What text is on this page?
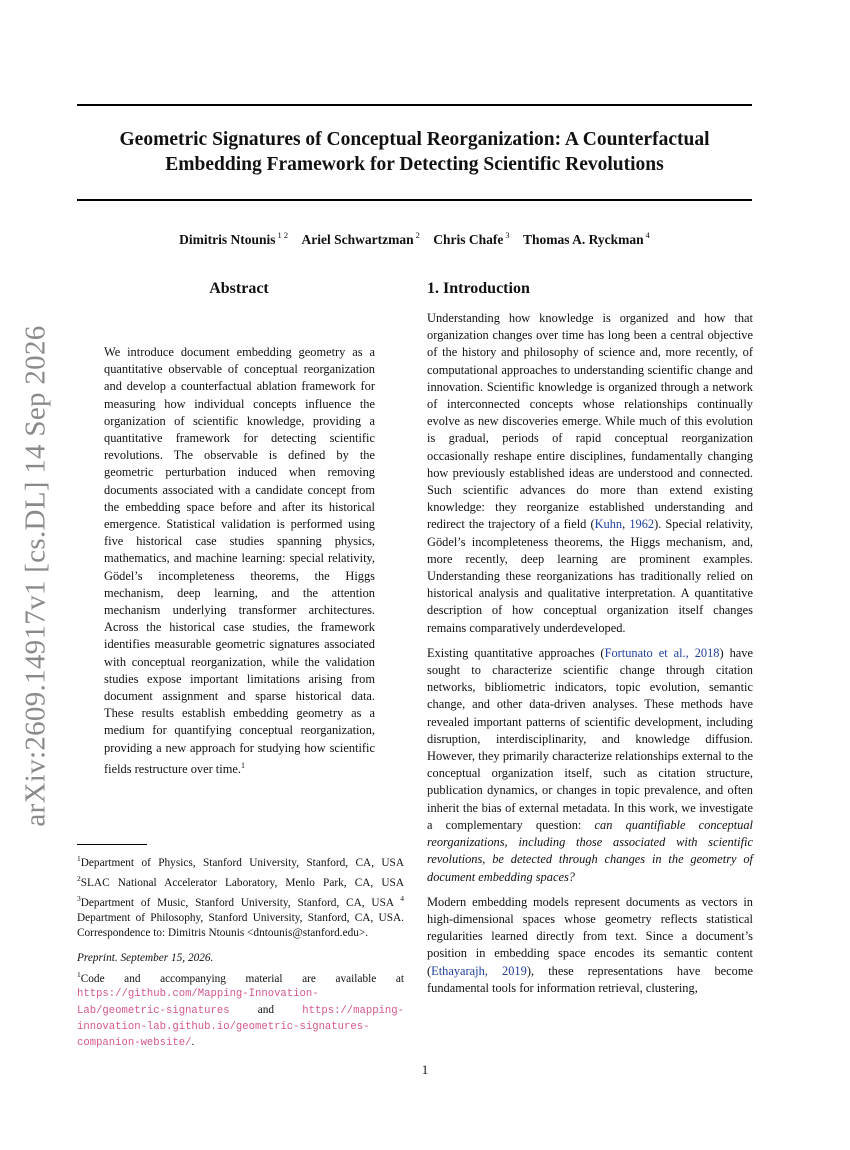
Geometric Signatures of Conceptual Reorganization: A Counterfactual
Embedding Framework for Detecting Scientific Revolutions
Dimitris Ntounis $^{1 2}$ Ariel Schwartzman $^2$ Chris Chafe $^3$ Thomas A. Ryckman $^4$
arXiv:2609.14917v1 [cs.DL] 14 Sep 2026
Abstract
We introduce document embedding geometry as a quantitative observable of conceptual reorganization and develop a counterfactual ablation framework for measuring how individual concepts influence the organization of scientific knowledge, providing a quantitative framework for detecting scientific revolutions. The observable is defined by the geometric perturbation induced when removing documents associated with a candidate concept from the embedding space before and after its historical emergence. Statistical validation is performed using five historical case studies spanning physics, mathematics, and machine learning: special relativity, Gödel’s incompleteness theorems, the Higgs mechanism, deep learning, and the attention mechanism underlying transformer architectures. Across the historical case studies, the framework identifies measurable geometric signatures associated with conceptual reorganization, while the validation studies expose important limitations arising from document assignment and sparse historical data. These results establish embedding geometry as a medium for quantifying conceptual reorganization, providing a new approach for studying how scientific fields restructure over time.$^1$
$^1$Department of Physics, Stanford University, Stanford, CA, USA $^2$SLAC National Accelerator Laboratory, Menlo Park, CA, USA $^3$Department of Music, Stanford University, Stanford, CA, USA $^4$ Department of Philosophy, Stanford University, Stanford, CA, USA. Correspondence to: Dimitris Ntounis <dntounis@stanford.edu>.
Preprint. September 15, 2026.
$^1$Code and accompanying material are available at https://github.com/Mapping-Innovation-Lab/geometric-signatures and https://mapping-innovation-lab.github.io/geometric-signatures-companion-website/.
1. Introduction

Understanding how knowledge is organized and how that organization changes over time has long been a central objective of the history and philosophy of science and, more recently, of computational approaches to understanding scientific change and innovation. Scientific knowledge is organized through a network of interconnected concepts whose relationships continually evolve as new discoveries emerge. While much of this evolution is gradual, periods of rapid conceptual reorganization occasionally reshape entire disciplines, fundamentally changing how previously established ideas are understood and connected. Such scientific advances do more than extend existing knowledge: they reorganize established understanding and redirect the trajectory of a field (Kuhn, 1962). Special relativity, Gödel’s incompleteness theorems, the Higgs mechanism, and, more recently, deep learning are prominent examples. Understanding these reorganizations has traditionally relied on historical analysis and qualitative interpretation. A quantitative description of how conceptual organization itself changes remains comparatively underdeveloped.

Existing quantitative approaches (Fortunato et al., 2018) have sought to characterize scientific change through citation networks, bibliometric indicators, topic evolution, semantic change, and other data-driven analyses. These methods have revealed important patterns of scientific development, including disruption, interdisciplinarity, and knowledge diffusion. However, they primarily characterize relationships external to the conceptual organization itself, such as citation structure, publication dynamics, or changes in topic prevalence, and often inherit the bias of external metadata. In this work, we investigate a complementary question: can quantifiable conceptual reorganizations, including those associated with scientific revolutions, be detected through changes in the geometry of document embedding spaces?

Modern embedding models represent documents as vectors in high-dimensional spaces whose geometry reflects statistical regularities learned directly from text. Since a document’s position in embedding space encodes its semantic content (Ethayarajh, 2019), these representations have become fundamental tools for information retrieval, clustering,

1
